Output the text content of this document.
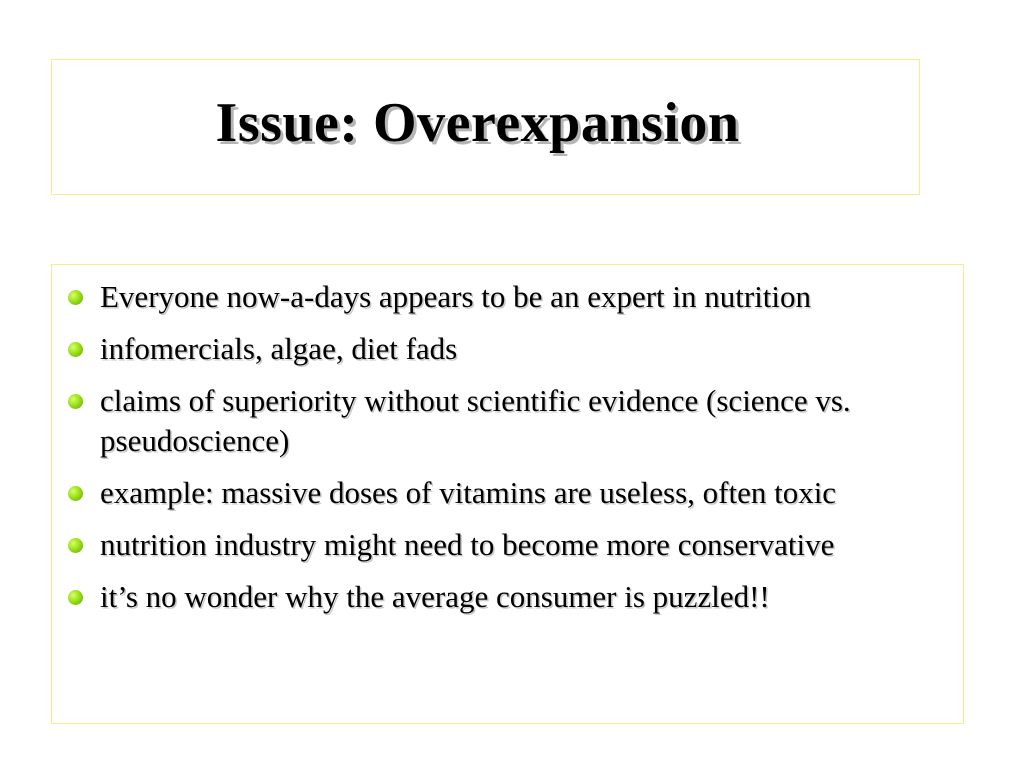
Issue: Overexpansion
Everyone now-a-days appears to be an expert in nutrition
infomercials, algae, diet fads
claims of superiority without scientific evidence (science vs. pseudoscience)
example: massive doses of vitamins are useless, often toxic
nutrition industry might need to become more conservative
it’s no wonder why the average consumer is puzzled!!
